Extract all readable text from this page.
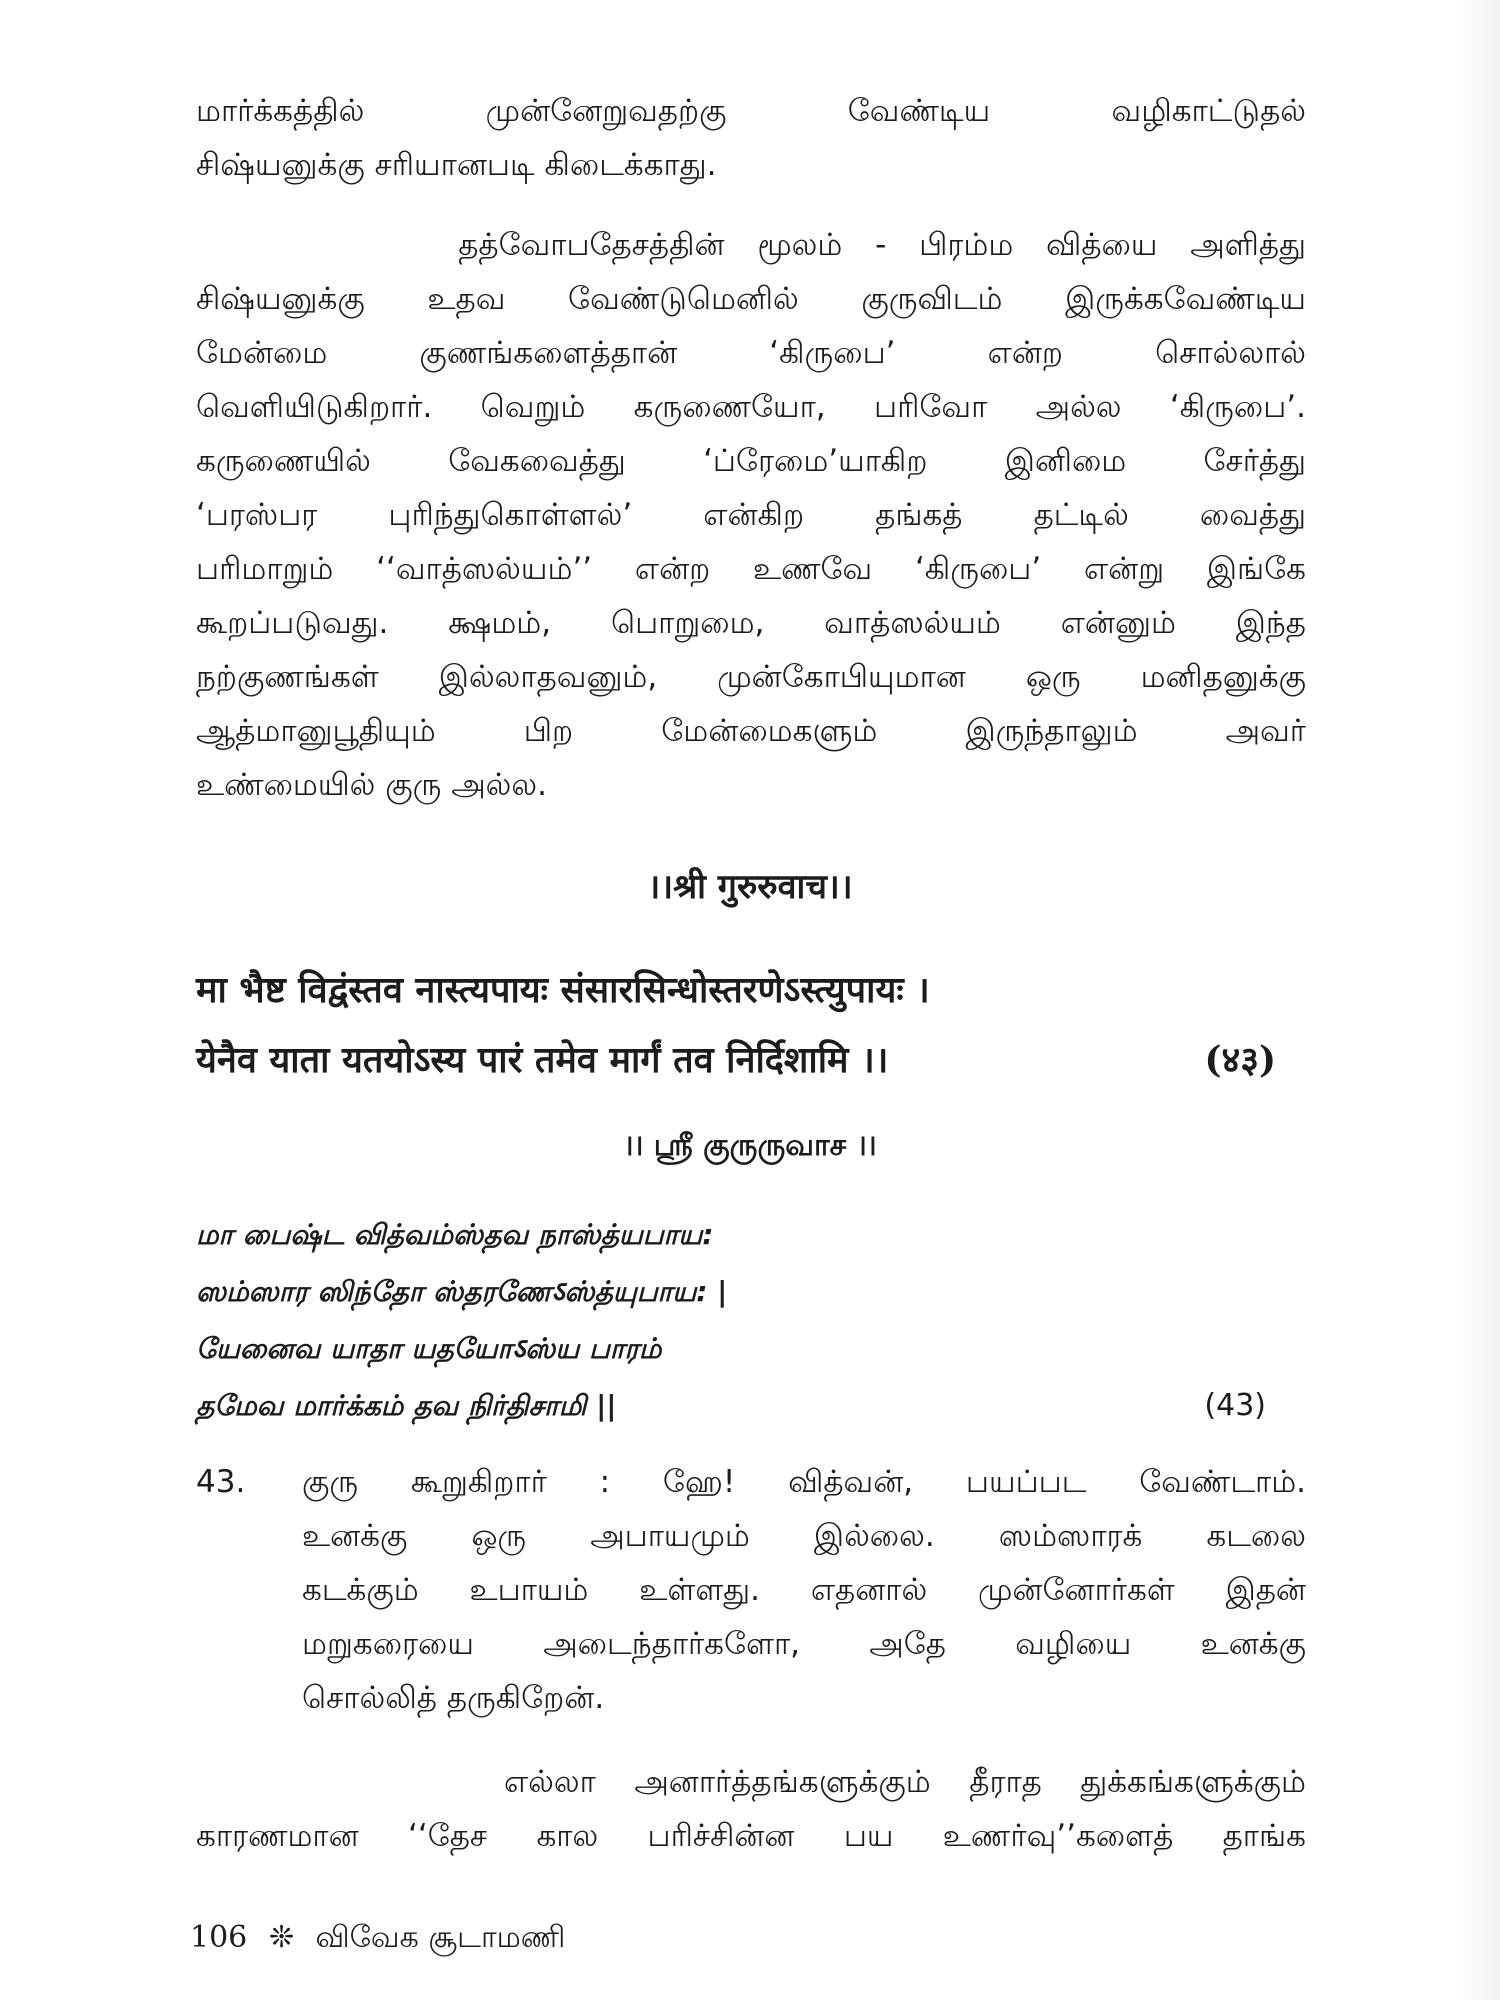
மார்க்கத்தில் முன்னேறுவதற்கு வேண்டிய வழிகாட்டுதல்
சிஷ்யனுக்கு சரியானபடி கிடைக்காது.
தத்வோபதேசத்தின் மூலம் - பிரம்ம வித்யை அளித்து
சிஷ்யனுக்கு உதவ வேண்டுமெனில் குருவிடம் இருக்கவேண்டிய
மேன்மை குணங்களைத்தான் ‘கிருபை’ என்ற சொல்லால்
வெளியிடுகிறார். வெறும் கருணையோ, பரிவோ அல்ல ‘கிருபை’.
கருணையில் வேகவைத்து ‘ப்ரேமை’யாகிற இனிமை சேர்த்து
‘பரஸ்பர புரிந்துகொள்ளல்’ என்கிற தங்கத் தட்டில் வைத்து
பரிமாறும் ‘‘வாத்ஸல்யம்’’ என்ற உணவே ‘கிருபை’ என்று இங்கே
கூறப்படுவது. க்ஷமம், பொறுமை, வாத்ஸல்யம் என்னும் இந்த
நற்குணங்கள் இல்லாதவனும், முன்கோபியுமான ஒரு மனிதனுக்கு
ஆத்மானுபூதியும் பிற மேன்மைகளும் இருந்தாலும் அவர்
உண்மையில் குரு அல்ல.
।।श्री गुरुरुवाच।।
मा भैष्ट विद्वंस्तव नास्त्यपायः संसारसिन्धोस्तरणेऽस्त्युपायः ।
येनैव याता यतयोऽस्य पारं तमेव मार्गं तव निर्दिशामि ।।	(४३)
।। ஸ்ரீ குருருவாச ।।
மா பைஷ்ட வித்வம்ஸ்தவ நாஸ்த்யபாய:
ஸம்ஸார ஸிந்தோ ஸ்தரணேऽஸ்த்யுபாய: |
யேனைவ யாதா யதயோऽஸ்ய பாரம்
தமேவ மார்க்கம் தவ நிர்திசாமி ||	(43)
43. குரு கூறுகிறார் : ஹே! வித்வன், பயப்பட வேண்டாம்.
உனக்கு ஒரு அபாயமும் இல்லை. ஸம்ஸாரக் கடலை
கடக்கும் உபாயம் உள்ளது. எதனால் முன்னோர்கள் இதன்
மறுகரையை அடைந்தார்களோ, அதே வழியை உனக்கு
சொல்லித் தருகிறேன்.
எல்லா அனார்த்தங்களுக்கும் தீராத துக்கங்களுக்கும்
காரணமான ‘‘தேச கால பரிச்சின்ன பய உணர்வு’’களைத் தாங்க
106 ❊ விவேக சூடாமணி
